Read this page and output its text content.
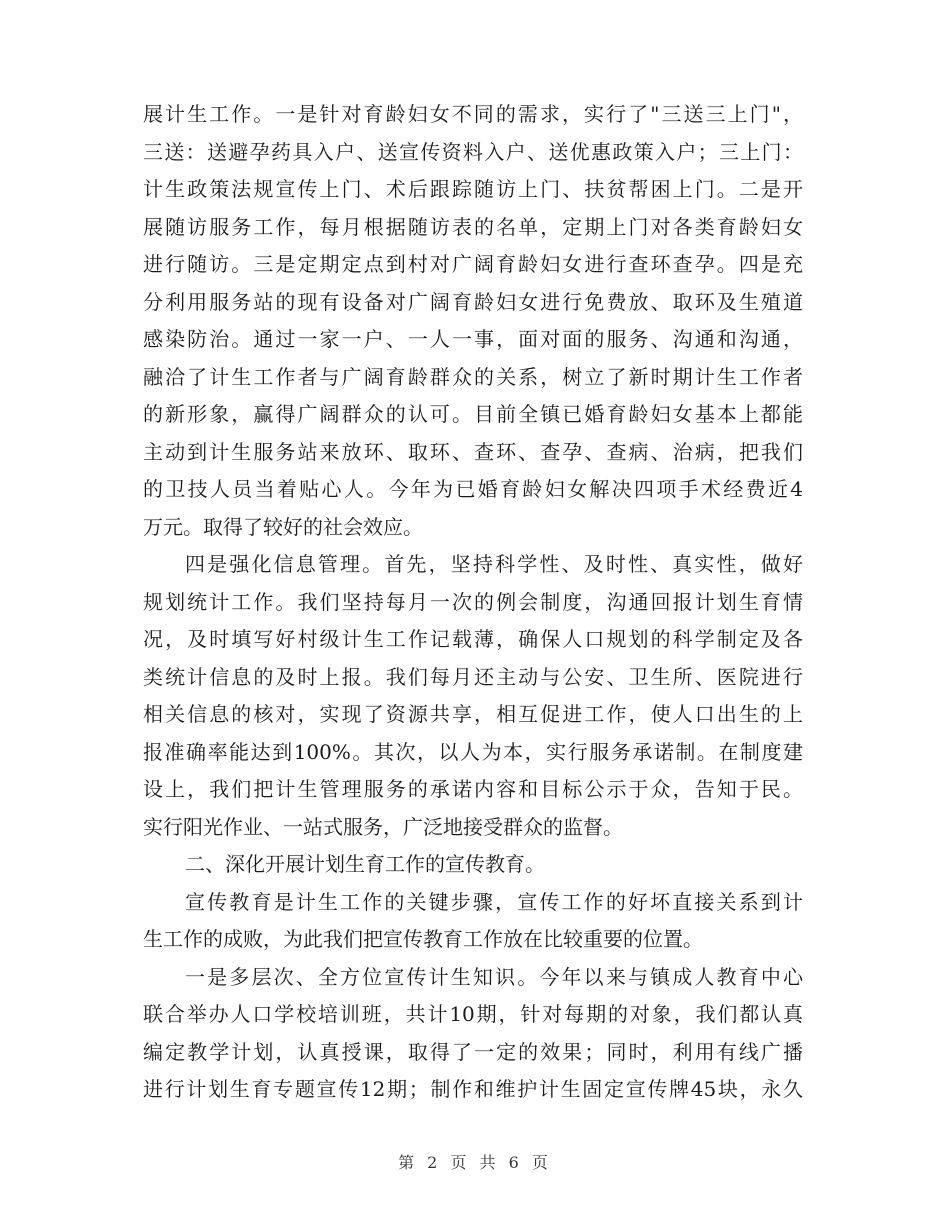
展计生工作。一是针对育龄妇女不同的需求，实行了"三送三上门"，
三送：送避孕药具入户、送宣传资料入户、送优惠政策入户；三上门：
计生政策法规宣传上门、术后跟踪随访上门、扶贫帮困上门。二是开
展随访服务工作，每月根据随访表的名单，定期上门对各类育龄妇女
进行随访。三是定期定点到村对广阔育龄妇女进行查环查孕。四是充
分利用服务站的现有设备对广阔育龄妇女进行免费放、取环及生殖道
感染防治。通过一家一户、一人一事，面对面的服务、沟通和沟通，
融洽了计生工作者与广阔育龄群众的关系，树立了新时期计生工作者
的新形象，赢得广阔群众的认可。目前全镇已婚育龄妇女基本上都能
主动到计生服务站来放环、取环、查环、查孕、查病、治病，把我们
的卫技人员当着贴心人。今年为已婚育龄妇女解决四项手术经费近4
万元。取得了较好的社会效应。
四是强化信息管理。首先，坚持科学性、及时性、真实性，做好
规划统计工作。我们坚持每月一次的例会制度，沟通回报计划生育情
况，及时填写好村级计生工作记载薄，确保人口规划的科学制定及各
类统计信息的及时上报。我们每月还主动与公安、卫生所、医院进行
相关信息的核对，实现了资源共享，相互促进工作，使人口出生的上
报准确率能达到100%。其次，以人为本，实行服务承诺制。在制度建
设上，我们把计生管理服务的承诺内容和目标公示于众，告知于民。
实行阳光作业、一站式服务，广泛地接受群众的监督。
二、深化开展计划生育工作的宣传教育。
宣传教育是计生工作的关键步骤，宣传工作的好坏直接关系到计
生工作的成败，为此我们把宣传教育工作放在比较重要的位置。
一是多层次、全方位宣传计生知识。今年以来与镇成人教育中心
联合举办人口学校培训班，共计10期，针对每期的对象，我们都认真
编定教学计划，认真授课，取得了一定的效果；同时，利用有线广播
进行计划生育专题宣传12期；制作和维护计生固定宣传牌45块，永久
第 2 页 共 6 页
